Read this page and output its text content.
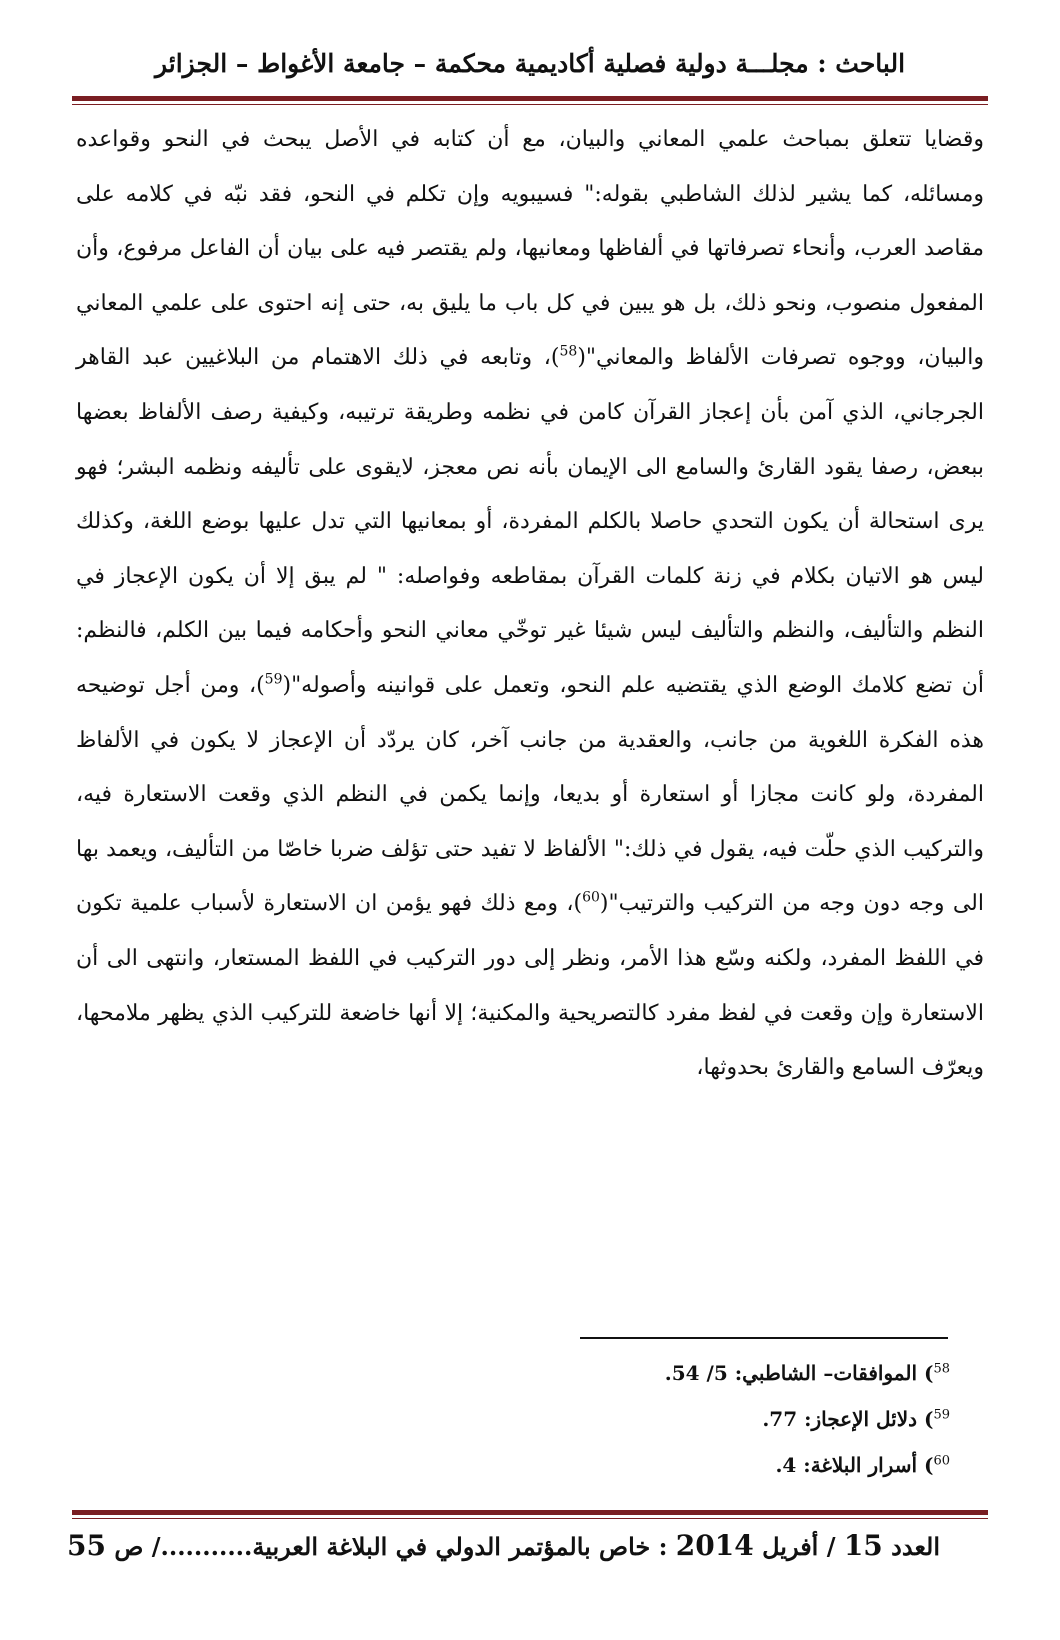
الباحث : مجلـــة دولية فصلية أكاديمية محكمة – جامعة الأغواط – الجزائر
وقضايا تتعلق بمباحث علمي المعاني والبيان، مع أن كتابه في الأصل يبحث في النحو وقواعده ومسائله، كما يشير لذلك الشاطبي بقوله:" فسيبويه وإن تكلم في النحو، فقد نبّه في كلامه على مقاصد العرب، وأنحاء تصرفاتها في ألفاظها ومعانيها، ولم يقتصر فيه على بيان أن الفاعل مرفوع، وأن المفعول منصوب، ونحو ذلك، بل هو يبين في كل باب ما يليق به، حتى إنه احتوى على علمي المعاني والبيان، ووجوه تصرفات الألفاظ والمعاني"($^{58}$)، وتابعه في ذلك الاهتمام من البلاغيين عبد القاهر الجرجاني، الذي آمن بأن إعجاز القرآن كامن في نظمه وطريقة ترتيبه، وكيفية رصف الألفاظ بعضها ببعض، رصفا يقود القارئ والسامع الى الإيمان بأنه نص معجز، لايقوى على تأليفه ونظمه البشر؛ فهو يرى استحالة أن يكون التحدي حاصلا بالكلم المفردة، أو بمعانيها التي تدل عليها بوضع اللغة، وكذلك ليس هو الاتيان بكلام في زنة كلمات القرآن بمقاطعه وفواصله: " لم يبق إلا أن يكون الإعجاز في النظم والتأليف، والنظم والتأليف ليس شيئا غير توخّي معاني النحو وأحكامه فيما بين الكلم، فالنظم: أن تضع كلامك الوضع الذي يقتضيه علم النحو، وتعمل على قوانينه وأصوله"($^{59}$)، ومن أجل توضيحه هذه الفكرة اللغوية من جانب، والعقدية من جانب آخر، كان يردّد أن الإعجاز لا يكون في الألفاظ المفردة، ولو كانت مجازا أو استعارة أو بديعا، وإنما يكمن في النظم الذي وقعت الاستعارة فيه، والتركيب الذي حلّت فيه، يقول في ذلك:" الألفاظ لا تفيد حتى تؤلف ضربا خاصّا من التأليف، ويعمد بها الى وجه دون وجه من التركيب والترتيب"($^{60}$)، ومع ذلك فهو يؤمن ان الاستعارة لأسباب علمية تكون في اللفظ المفرد، ولكنه وسّع هذا الأمر، ونظر إلى دور التركيب في اللفظ المستعار، وانتهى الى أن الاستعارة وإن وقعت في لفظ مفرد كالتصريحية والمكنية؛ إلا أنها خاضعة للتركيب الذي يظهر ملامحها، ويعرّف السامع والقارئ بحدوثها،
$^{58}$) الموافقات– الشاطبي: 5/ 54.
$^{59}$) دلائل الإعجاز: 77.
$^{60}$) أسرار البلاغة: 4.
العدد 15 / أفريل 2014 : خاص بالمؤتمر الدولي في البلاغة العربية.........../ ص 55
